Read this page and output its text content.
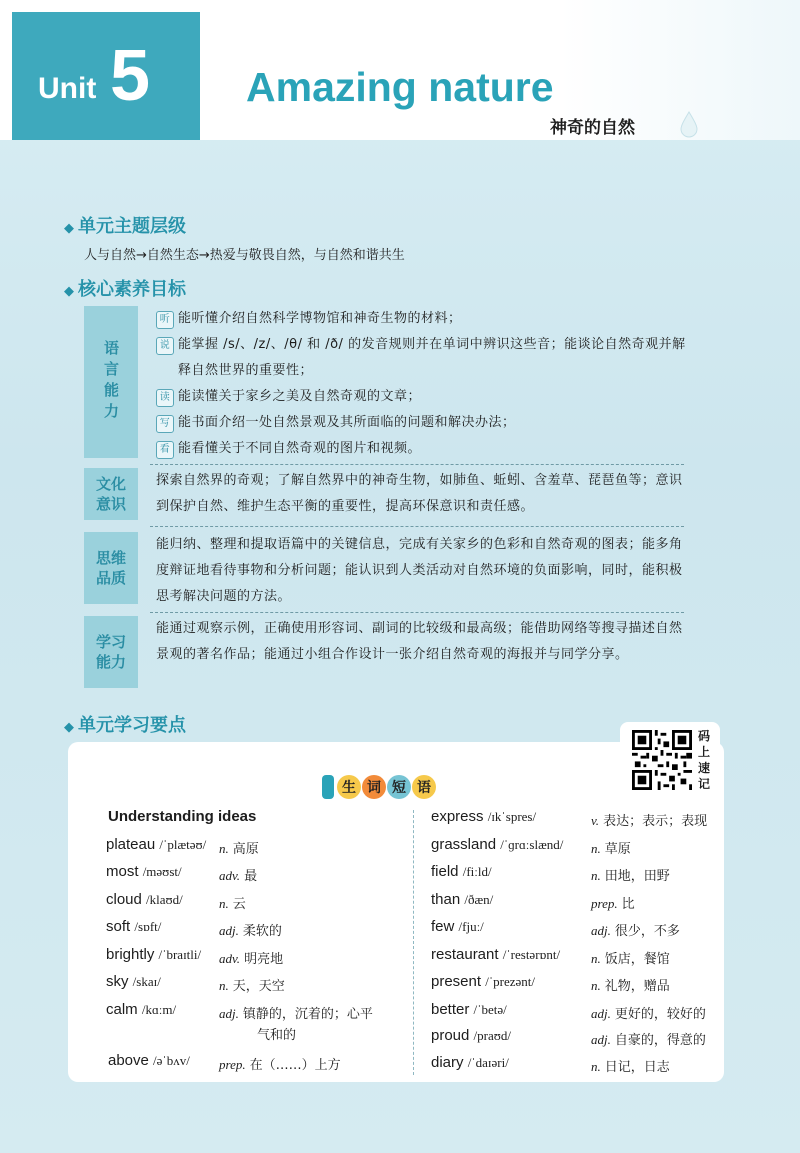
Unit 5 Amazing nature
神奇的自然
◆ 单元主题层级
人与自然→自然生态→热爱与敬畏自然，与自然和谐共生
◆ 核心素养目标
语言能力
听 能听懂介绍自然科学博物馆和神奇生物的材料；
说 能掌握 /s/、/z/、/θ/ 和 /ð/ 的发音规则并在单词中辨识这些音；能谈论自然奇观并解释自然世界的重要性；
读 能读懂关于家乡之美及自然奇观的文章；
写 能书面介绍一处自然景观及其所面临的问题和解决办法；
看 能看懂关于不同自然奇观的图片和视频。
文化
意识
探索自然界的奇观；了解自然界中的神奇生物，如肺鱼、蚯蚓、含羞草、琵琶鱼等；意识到保护自然、维护生态平衡的重要性，提高环保意识和责任感。
思维
品质
能归纳、整理和提取语篇中的关键信息，完成有关家乡的色彩和自然奇观的图表；能多角度辩证地看待事物和分析问题；能认识到人类活动对自然环境的负面影响，同时，能积极思考解决问题的方法。
学习
能力
能通过观察示例，正确使用形容词、副词的比较级和最高级；能借助网络等搜寻描述自然景观的著名作品；能通过小组合作设计一张介绍自然奇观的海报并与同学分享。
◆ 单元学习要点	码
上
速
记
生 词 短 语
Understanding ideas
plateau /ˈplætəʊ/ n. 高原
most /məʊst/	adv. 最
cloud /klaʊd/	n. 云
soft /sɒft/	adj. 柔软的
brightly /ˈbraɪtli/ adv. 明亮地
sky /skaɪ/	n. 天，天空
calm /kɑːm/	adj. 镇静的，沉着的；心平
气和的
above /əˈbʌv/ prep. 在（……）上方
express /ɪkˈspres/	v. 表达；表示；表现
grassland /ˈɡrɑːslænd/ n. 草原
field /fiːld/	n. 田地，田野
than /ðæn/	prep. 比
few /fjuː/	adj. 很少，不多
restaurant /ˈrestərɒnt/ n. 饭店，餐馆
present /ˈprezənt/	n. 礼物，赠品
better /ˈbetə/	adj. 更好的，较好的
proud /praʊd/	adj. 自豪的，得意的
diary /ˈdaɪəri/	n. 日记，日志
